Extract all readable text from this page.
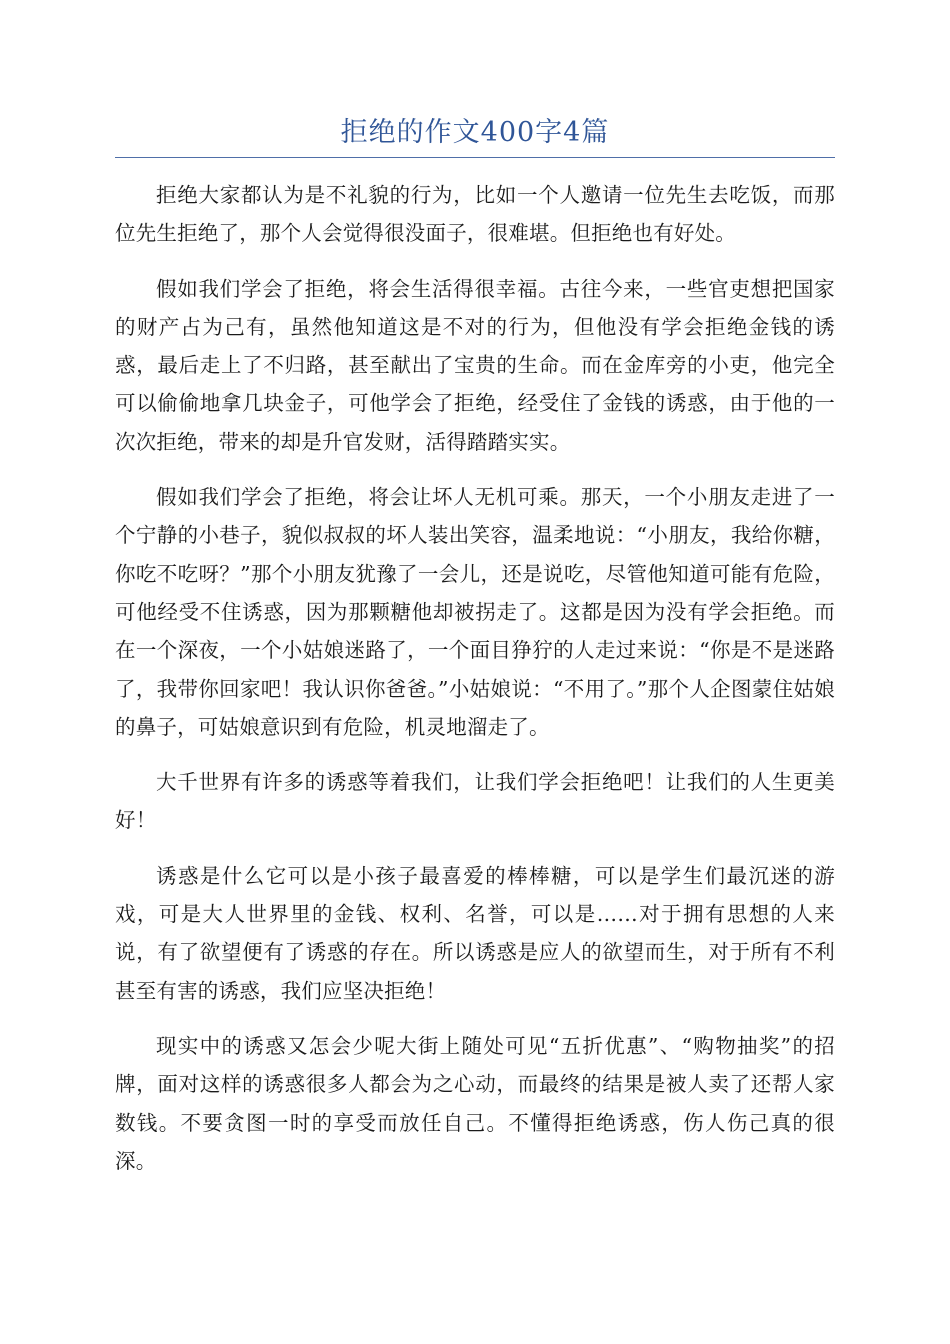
拒绝的作文400字4篇

拒绝大家都认为是不礼貌的行为，比如一个人邀请一位先生去吃饭，而那位先生拒绝了，那个人会觉得很没面子，很难堪。但拒绝也有好处。

假如我们学会了拒绝，将会生活得很幸福。古往今来，一些官吏想把国家的财产占为己有，虽然他知道这是不对的行为，但他没有学会拒绝金钱的诱惑，最后走上了不归路，甚至献出了宝贵的生命。而在金库旁的小吏，他完全可以偷偷地拿几块金子，可他学会了拒绝，经受住了金钱的诱惑，由于他的一次次拒绝，带来的却是升官发财，活得踏踏实实。

假如我们学会了拒绝，将会让坏人无机可乘。那天，一个小朋友走进了一个宁静的小巷子，貌似叔叔的坏人装出笑容，温柔地说：“小朋友，我给你糖，你吃不吃呀？”那个小朋友犹豫了一会儿，还是说吃，尽管他知道可能有危险，可他经受不住诱惑，因为那颗糖他却被拐走了。这都是因为没有学会拒绝。而在一个深夜，一个小姑娘迷路了，一个面目狰狞的人走过来说：“你是不是迷路了，我带你回家吧！我认识你爸爸。”小姑娘说：“不用了。”那个人企图蒙住姑娘的鼻子，可姑娘意识到有危险，机灵地溜走了。

大千世界有许多的诱惑等着我们，让我们学会拒绝吧！让我们的人生更美好！

诱惑是什么它可以是小孩子最喜爱的棒棒糖，可以是学生们最沉迷的游戏，可是大人世界里的金钱、权利、名誉，可以是……对于拥有思想的人来说，有了欲望便有了诱惑的存在。所以诱惑是应人的欲望而生，对于所有不利甚至有害的诱惑，我们应坚决拒绝！

现实中的诱惑又怎会少呢大街上随处可见“五折优惠”、“购物抽奖”的招牌，面对这样的诱惑很多人都会为之心动，而最终的结果是被人卖了还帮人家数钱。不要贪图一时的享受而放任自己。不懂得拒绝诱惑，伤人伤己真的很深。
